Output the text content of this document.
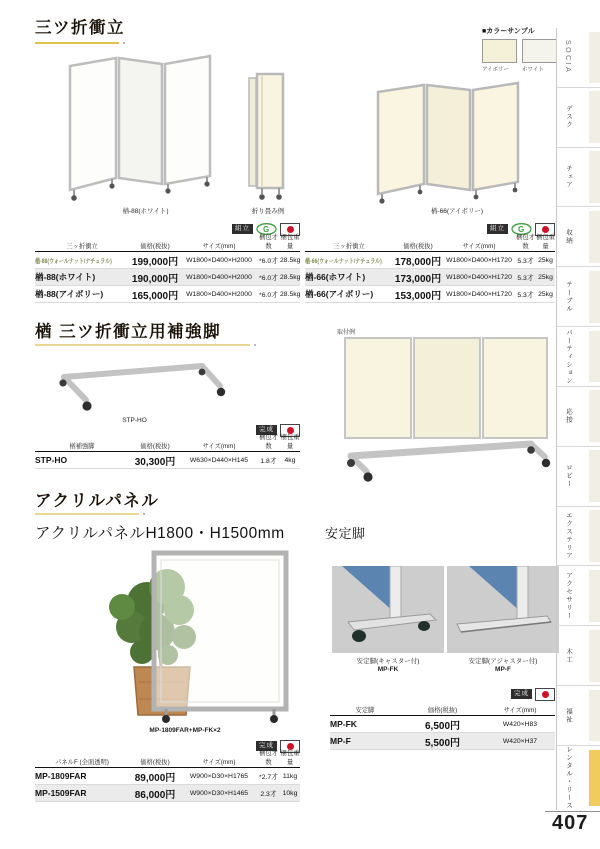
三ツ折衝立	■カラーサンプル
アイボリー	ホワイト
楢-88(ホワイト)	折り畳み例	楢-66(アイボリー)
組立	G	組立	G
三ッ折衝立	価格(税抜)	サイズ(mm)
梱包才数
梱包重量
楢-88(ウォールナット/ナチュラル) 199,000円	W1800×D400×H2000	*6.0才 28.5kg
楢-88(ホワイト)	190,000円	W1800×D400×H2000	*6.0才 28.5kg
楢-88(アイボリー)	165,000円	W1800×D400×H2000	*6.0才 28.5kg
三ッ折衝立	価格(税抜)	サイズ(mm)
梱包才数
梱包重量
楢-66(ウォールナット/ナチュラル) 178,000円 W1800×D400×H1720 5.3才 25kg
楢-66(ホワイト)	173,000円 W1800×D400×H1720 5.3才 25kg
楢-66(アイボリー)	153,000円 W1800×D400×H1720 5.3才 25kg
楢 三ツ折衝立用補強脚
STP-HO
取付例
完成
楢補強脚	価格(税抜)	サイズ(mm)
梱包才数
梱包重量
STP-HO	30,300円	W630×D440×H145	1.8才	4kg
アクリルパネル
アクリルパネルH1800・H1500mm	安定脚
MP-1809FAR+MP-FK×2
安定脚(キャスター付)
MP-FK
安定脚(アジャスター付)
MP-F
完成
安定脚	価格(税抜)	サイズ(mm)
MP-FK	6,500円	W420×H83
MP-F	5,500円	W420×H37
完成
パネルF (全面透明)	価格(税抜)	サイズ(mm)
梱包才数
梱包重量
MP-1809FAR	89,000円	W900×D30×H1765	*2.7才 11kg
MP-1509FAR	86,000円	W900×D30×H1465	2.3才 10kg
SOCIA
デスク
チェア
収納
テーブル
パーティション
応接
ロビー
エクステリア
アクセサリー
木工
福祉
レンタル・リース
407
